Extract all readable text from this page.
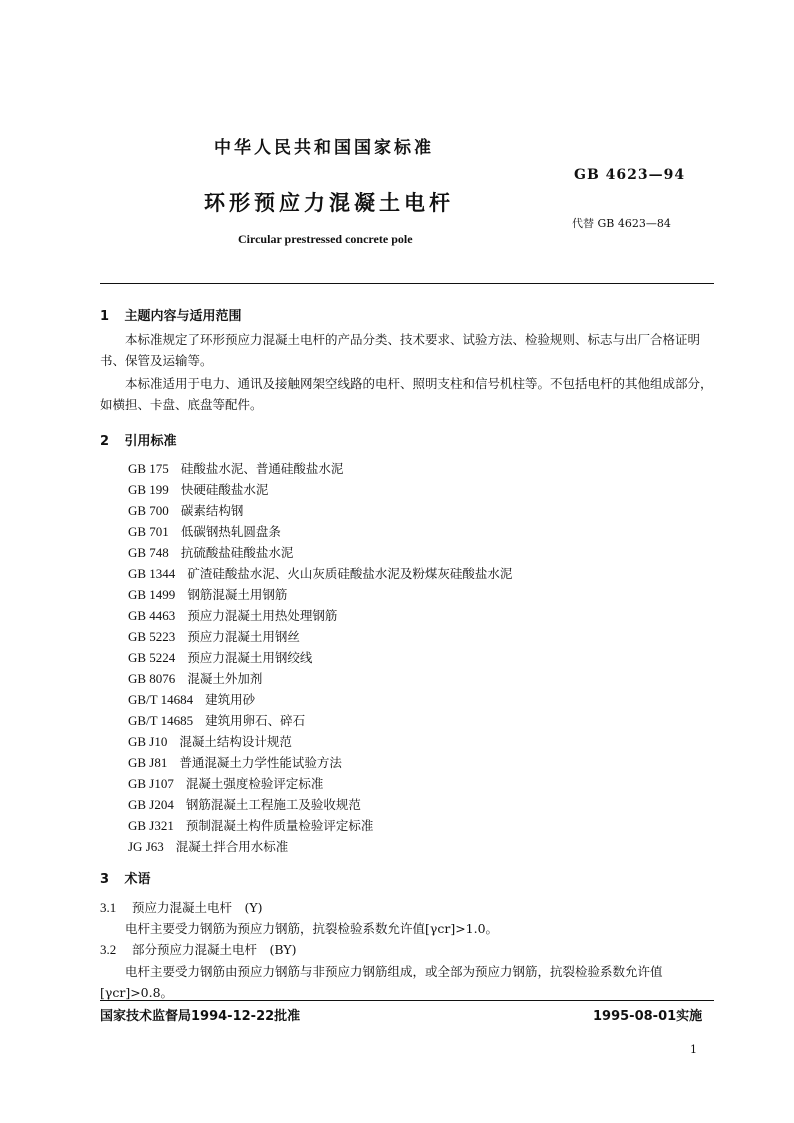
中华人民共和国国家标准
GB 4623—94
环形预应力混凝土电杆
代替 GB 4623—84
Circular prestressed concrete pole
1 主题内容与适用范围
本标准规定了环形预应力混凝土电杆的产品分类、技术要求、试验方法、检验规则、标志与出厂合格证明书、保管及运输等。
本标准适用于电力、通讯及接触网架空线路的电杆、照明支柱和信号机柱等。不包括电杆的其他组成部分，如横担、卡盘、底盘等配件。
2 引用标准
GB 175 硅酸盐水泥、普通硅酸盐水泥
GB 199 快硬硅酸盐水泥
GB 700 碳素结构钢
GB 701 低碳钢热轧圆盘条
GB 748 抗硫酸盐硅酸盐水泥
GB 1344 矿渣硅酸盐水泥、火山灰质硅酸盐水泥及粉煤灰硅酸盐水泥
GB 1499 钢筋混凝土用钢筋
GB 4463 预应力混凝土用热处理钢筋
GB 5223 预应力混凝土用钢丝
GB 5224 预应力混凝土用钢绞线
GB 8076 混凝土外加剂
GB/T 14684 建筑用砂
GB/T 14685 建筑用卵石、碎石
GB J10 混凝土结构设计规范
GB J81 普通混凝土力学性能试验方法
GB J107 混凝土强度检验评定标准
GB J204 钢筋混凝土工程施工及验收规范
GB J321 预制混凝土构件质量检验评定标准
JG J63 混凝土拌合用水标准
3 术语
3.1 预应力混凝土电杆　(Y)
电杆主要受力钢筋为预应力钢筋，抗裂检验系数允许值[γcr]>1.0。
3.2 部分预应力混凝土电杆　(BY)
电杆主要受力钢筋由预应力钢筋与非预应力钢筋组成，或全部为预应力钢筋，抗裂检验系数允许值
[γcr]>0.8。
国家技术监督局1994-12-22批准	1995-08-01实施
1
